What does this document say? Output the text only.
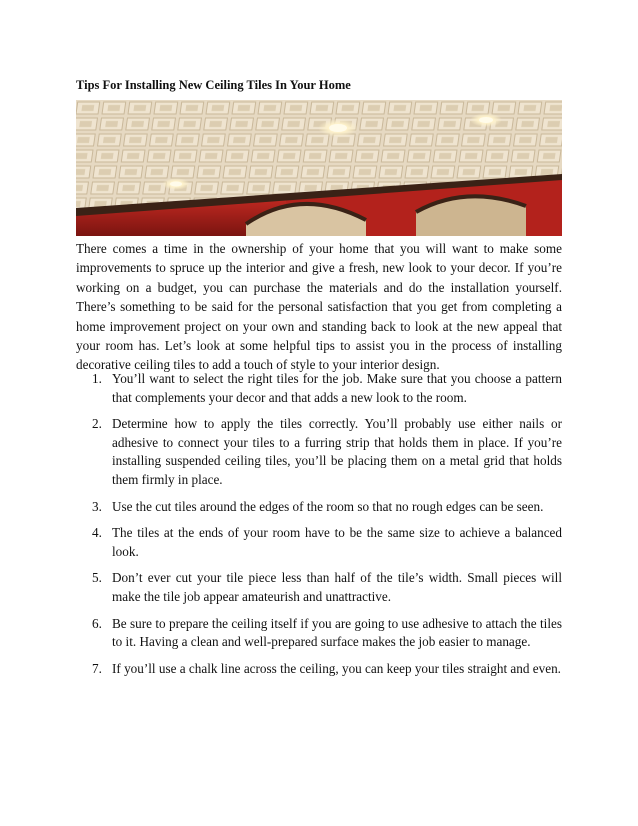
Tips For Installing New Ceiling Tiles In Your Home

There comes a time in the ownership of your home that you will want to make some improvements to spruce up the interior and give a fresh, new look to your decor. If you’re working on a budget, you can purchase the materials and do the installation yourself. There’s something to be said for the personal satisfaction that you get from completing a home improvement project on your own and standing back to look at the new appeal that your room has. Let’s look at some helpful tips to assist you in the process of installing decorative ceiling tiles to add a touch of style to your interior design.

1. You’ll want to select the right tiles for the job. Make sure that you choose a pattern that complements your decor and that adds a new look to the room.
2. Determine how to apply the tiles correctly. You’ll probably use either nails or adhesive to connect your tiles to a furring strip that holds them in place. If you’re installing suspended ceiling tiles, you’ll be placing them on a metal grid that holds them firmly in place.
3. Use the cut tiles around the edges of the room so that no rough edges can be seen.
4. The tiles at the ends of your room have to be the same size to achieve a balanced look.
5. Don’t ever cut your tile piece less than half of the tile’s width. Small pieces will make the tile job appear amateurish and unattractive.
6. Be sure to prepare the ceiling itself if you are going to use adhesive to attach the tiles to it. Having a clean and well-prepared surface makes the job easier to manage.
7. If you’ll use a chalk line across the ceiling, you can keep your tiles straight and even.
